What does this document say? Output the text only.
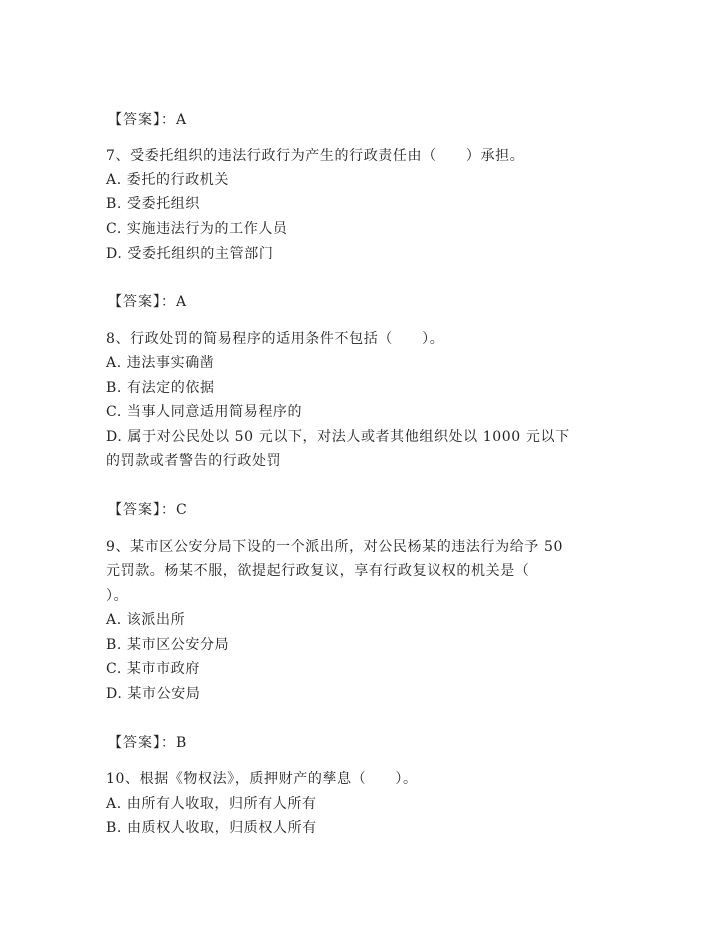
【答案】：A
7、受委托组织的违法行政行为产生的行政责任由（　　）承担。
A. 委托的行政机关
B. 受委托组织
C. 实施违法行为的工作人员
D. 受委托组织的主管部门
【答案】：A
8、行政处罚的简易程序的适用条件不包括（　　）。
A. 违法事实确凿
B. 有法定的依据
C. 当事人同意适用简易程序的
D. 属于对公民处以 50 元以下，对法人或者其他组织处以 1000 元以下
的罚款或者警告的行政处罚
【答案】：C
9、某市区公安分局下设的一个派出所，对公民杨某的违法行为给予 50
元罚款。杨某不服，欲提起行政复议，享有行政复议权的机关是（
）。
A. 该派出所
B. 某市区公安分局
C. 某市市政府
D. 某市公安局
【答案】：B
10、根据《物权法》，质押财产的孳息（　　）。
A. 由所有人收取，归所有人所有
B. 由质权人收取，归质权人所有
